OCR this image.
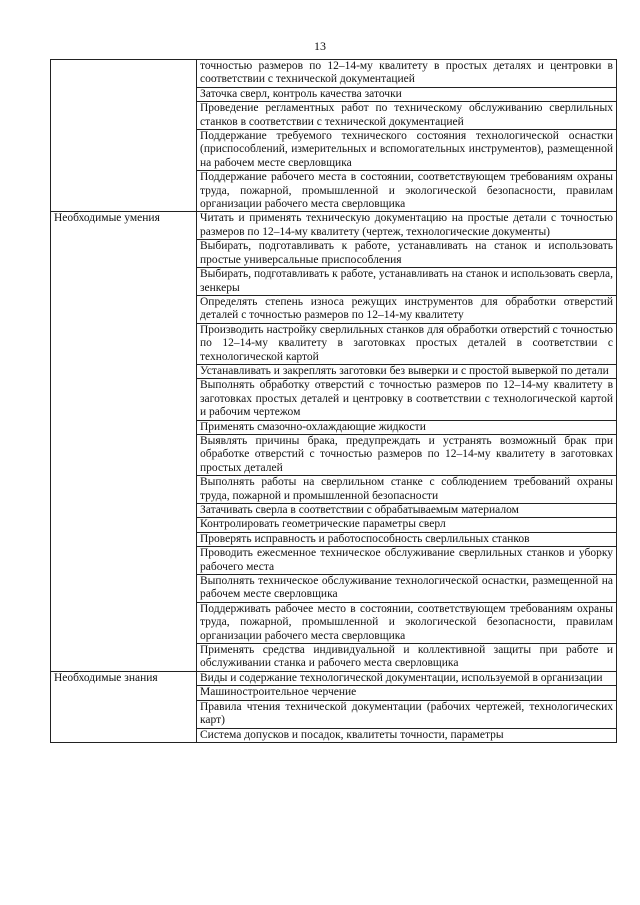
13
	точностью размеров по 12–14-му квалитету в простых деталях и центровки в соответствии с технической документацией
	Заточка сверл, контроль качества заточки
	Проведение регламентных работ по техническому обслуживанию сверлильных станков в соответствии с технической документацией
	Поддержание требуемого технического состояния технологической оснастки (приспособлений, измерительных и вспомогательных инструментов), размещенной на рабочем месте сверловщика
	Поддержание рабочего места в состоянии, соответствующем требованиям охраны труда, пожарной, промышленной и экологической безопасности, правилам организации рабочего места сверловщика
Необходимые умения	Читать и применять техническую документацию на простые детали с точностью размеров по 12–14-му квалитету (чертеж, технологические документы)
	Выбирать, подготавливать к работе, устанавливать на станок и использовать простые универсальные приспособления
	Выбирать, подготавливать к работе, устанавливать на станок и использовать сверла, зенкеры
	Определять степень износа режущих инструментов для обработки отверстий деталей с точностью размеров по 12–14-му квалитету
	Производить настройку сверлильных станков для обработки отверстий с точностью по 12–14-му квалитету в заготовках простых деталей в соответствии с технологической картой
	Устанавливать и закреплять заготовки без выверки и с простой выверкой по детали
	Выполнять обработку отверстий с точностью размеров по 12–14-му квалитету в заготовках простых деталей и центровку в соответствии с технологической картой и рабочим чертежом
	Применять смазочно-охлаждающие жидкости
	Выявлять причины брака, предупреждать и устранять возможный брак при обработке отверстий с точностью размеров по 12–14-му квалитету в заготовках простых деталей
	Выполнять работы на сверлильном станке с соблюдением требований охраны труда, пожарной и промышленной безопасности
	Затачивать сверла в соответствии с обрабатываемым материалом
	Контролировать геометрические параметры сверл
	Проверять исправность и работоспособность сверлильных станков
	Проводить ежесменное техническое обслуживание сверлильных станков и уборку рабочего места
	Выполнять техническое обслуживание технологической оснастки, размещенной на рабочем месте сверловщика
	Поддерживать рабочее место в состоянии, соответствующем требованиям охраны труда, пожарной, промышленной и экологической безопасности, правилам организации рабочего места сверловщика
	Применять средства индивидуальной и коллективной защиты при работе и обслуживании станка и рабочего места сверловщика
Необходимые знания	Виды и содержание технологической документации, используемой в организации
	Машиностроительное черчение
	Правила чтения технической документации (рабочих чертежей, технологических карт)
	Система допусков и посадок, квалитеты точности, параметры
